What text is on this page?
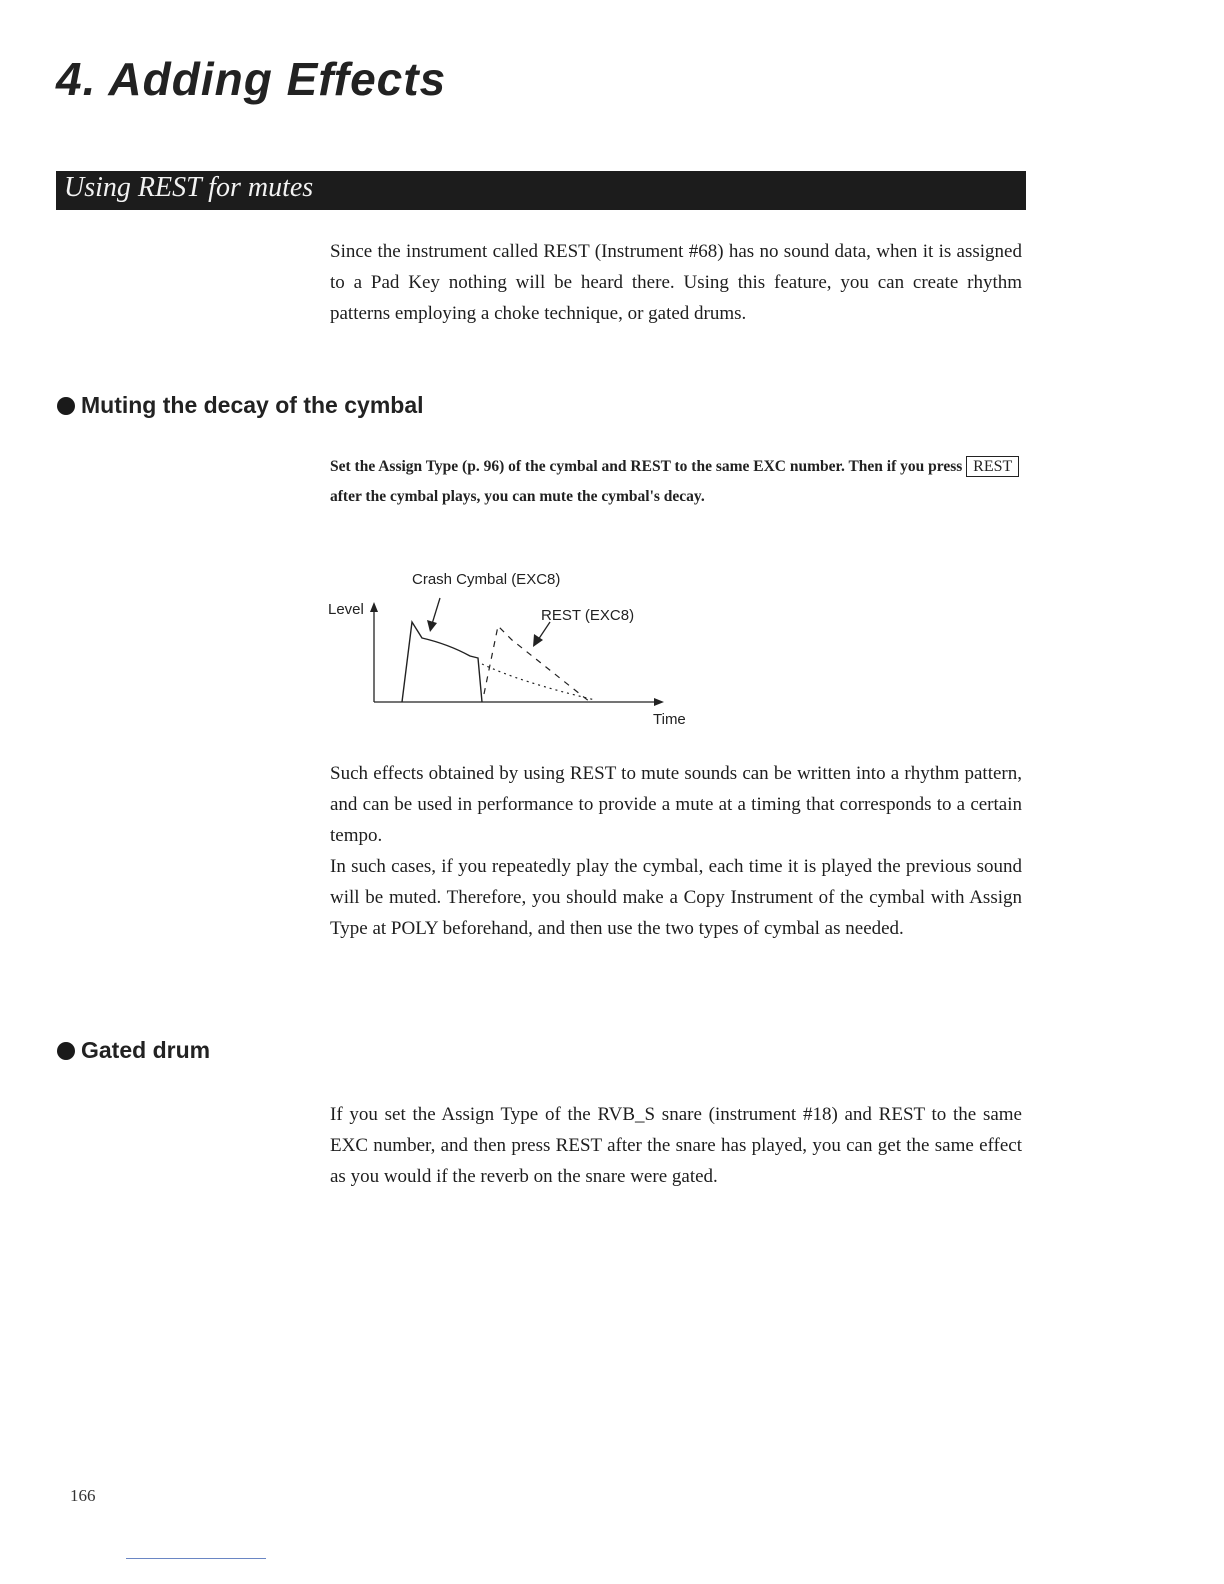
4. Adding Effects
Using REST for mutes

Since the instrument called REST (Instrument #68) has no sound data, when it is assigned to a Pad Key nothing will be heard there. Using this feature, you can create rhythm patterns employing a choke technique, or gated drums.

Muting the decay of the cymbal

Set the Assign Type (p. 96) of the cymbal and REST to the same EXC number. Then if you press REST after the cymbal plays, you can mute the cymbal's decay.

Crash Cymbal (EXC8)
REST (EXC8)
Level
Time

Such effects obtained by using REST to mute sounds can be written into a rhythm pattern, and can be used in performance to provide a mute at a timing that corresponds to a certain tempo.

In such cases, if you repeatedly play the cymbal, each time it is played the previous sound will be muted. Therefore, you should make a Copy Instrument of the cymbal with Assign Type at POLY beforehand, and then use the two types of cymbal as needed.

Gated drum

If you set the Assign Type of the RVB_S snare (instrument #18) and REST to the same EXC number, and then press REST after the snare has played, you can get the same effect as you would if the reverb on the snare were gated.

166
